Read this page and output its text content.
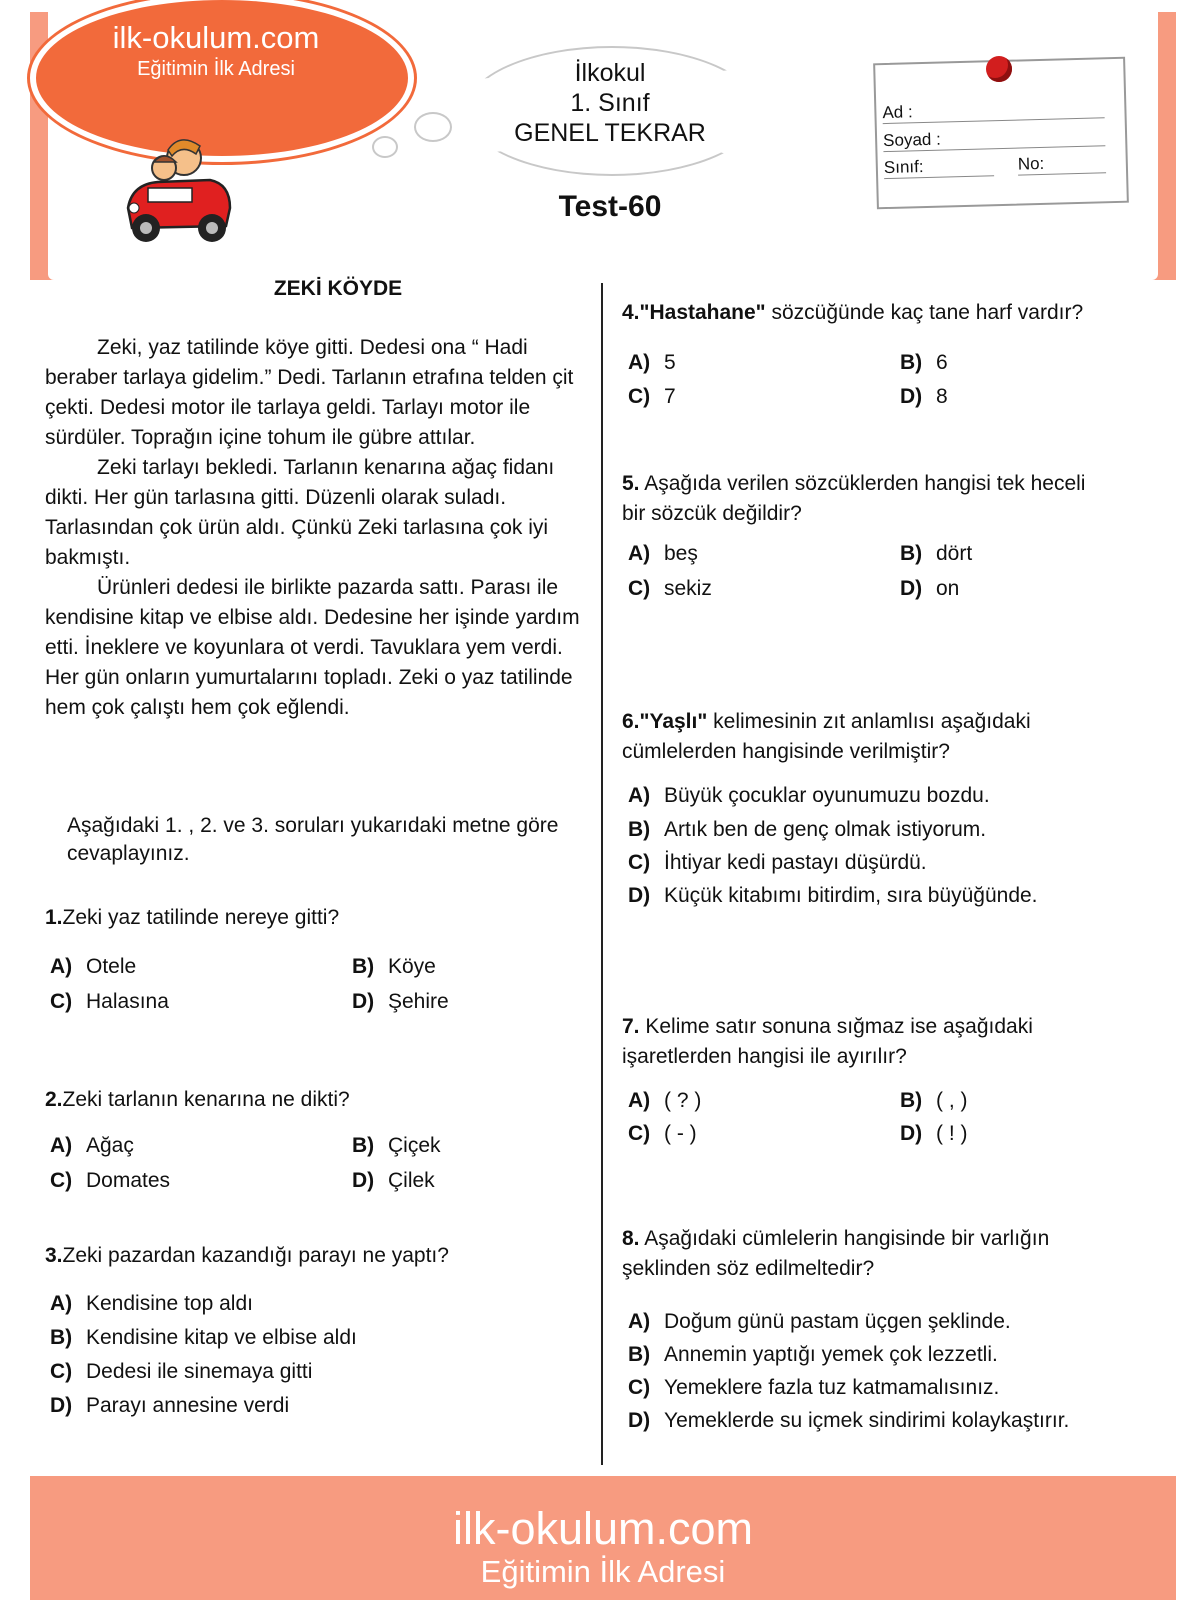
ilk-okulum.com
Eğitimin İlk Adresi	İlkokul
1. Sınıf
GENEL TEKRAR
Test-60
Ad :
Soyad :
Sınıf:	No:
ZEKİ KÖYDE

Zeki, yaz tatilinde köye gitti. Dedesi ona “ Hadi beraber tarlaya gidelim.” Dedi. Tarlanın etrafına telden çit çekti. Dedesi motor ile tarlaya geldi. Tarlayı motor ile sürdüler. Toprağın içine tohum ile gübre attılar.

Zeki tarlayı bekledi. Tarlanın kenarına ağaç fidanı dikti. Her gün tarlasına gitti. Düzenli olarak suladı. Tarlasından çok ürün aldı. Çünkü Zeki tarlasına çok iyi bakmıştı.

Ürünleri dedesi ile birlikte pazarda sattı. Parası ile kendisine kitap ve elbise aldı. Dedesine her işinde yardım etti. İneklere ve koyunlara ot verdi. Tavuklara yem verdi. Her gün onların yumurtalarını topladı. Zeki o yaz tatilinde hem çok çalıştı hem çok eğlendi.

Aşağıdaki 1. , 2. ve 3. soruları yukarıdaki metne göre cevaplayınız.
1.Zeki yaz tatilinde nereye gitti?
A) Otele	B) Köye
C) Halasına	D) Şehire
2.Zeki tarlanın kenarına ne dikti?
A) Ağaç	B) Çiçek
C) Domates	D) Çilek
3.Zeki pazardan kazandığı parayı ne yaptı?
A) Kendisine top aldı
B) Kendisine kitap ve elbise aldı
C) Dedesi ile sinemaya gitti
D) Parayı annesine verdi
4."Hastahane" sözcüğünde kaç tane harf vardır?
A) 5	B) 6
C) 7	D) 8
5. Aşağıda verilen sözcüklerden hangisi tek heceli bir sözcük değildir?
A) beş	B) dört
C) sekiz	D) on
6."Yaşlı" kelimesinin zıt anlamlısı aşağıdaki cümlelerden hangisinde verilmiştir?
A) Büyük çocuklar oyunumuzu bozdu.
B) Artık ben de genç olmak istiyorum.
C) İhtiyar kedi pastayı düşürdü.
D) Küçük kitabımı bitirdim, sıra büyüğünde.
7. Kelime satır sonuna sığmaz ise aşağıdaki işaretlerden hangisi ile ayırılır?
A) ( ? )	B) ( , )
C) ( - )	D) ( ! )
8. Aşağıdaki cümlelerin hangisinde bir varlığın şeklinden söz edilmeltedir?
A) Doğum günü pastam üçgen şeklinde.
B) Annemin yaptığı yemek çok lezzetli.
C) Yemeklere fazla tuz katmamalısınız.
D) Yemeklerde su içmek sindirimi kolaykaştırır.
ilk-okulum.com
Eğitimin İlk Adresi
